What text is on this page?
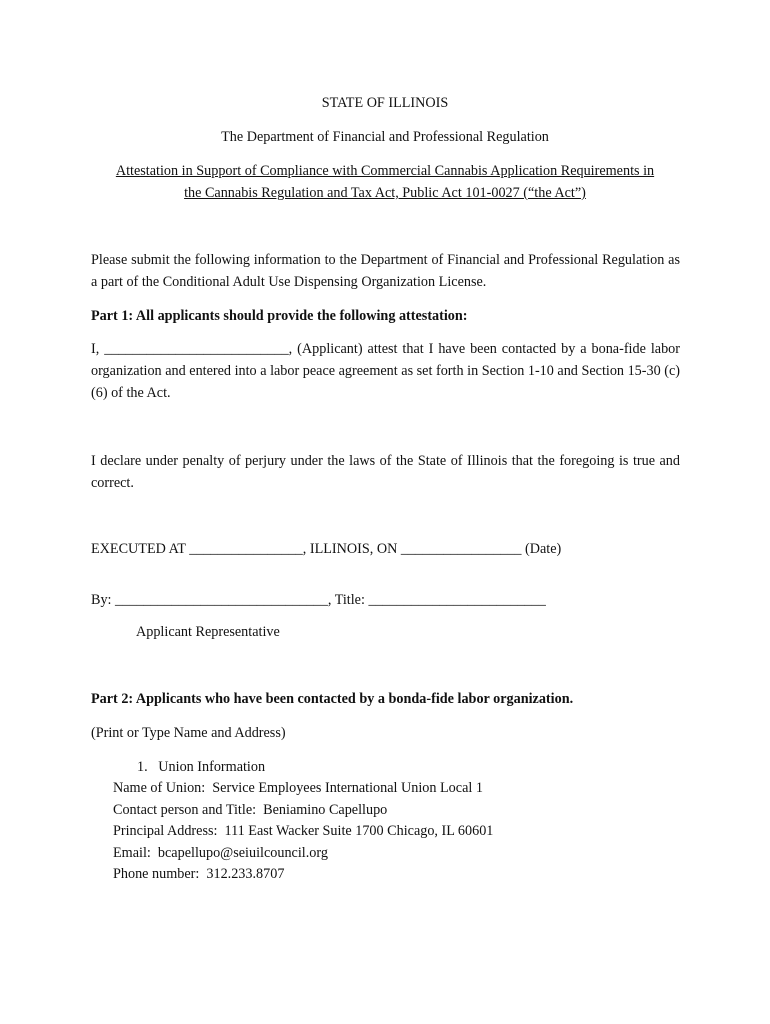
STATE OF ILLINOIS
The Department of Financial and Professional Regulation
Attestation in Support of Compliance with Commercial Cannabis Application Requirements in
the Cannabis Regulation and Tax Act, Public Act 101-0027 (“the Act”)
Please submit the following information to the Department of Financial and Professional Regulation as a part of the Conditional Adult Use Dispensing Organization License.
Part 1: All applicants should provide the following attestation:
I, __________________________, (Applicant) attest that I have been contacted by a bona-fide labor organization and entered into a labor peace agreement as set forth in Section 1-10 and Section 15-30 (c)(6) of the Act.
I declare under penalty of perjury under the laws of the State of Illinois that the foregoing is true and correct.
EXECUTED AT ________________, ILLINOIS, ON _________________ (Date)
By: ______________________________, Title: _________________________
Applicant Representative
Part 2: Applicants who have been contacted by a bonda-fide labor organization.
(Print or Type Name and Address)
1.   Union Information
Name of Union:  Service Employees International Union Local 1
Contact person and Title:  Beniamino Capellupo
Principal Address:  111 East Wacker Suite 1700 Chicago, IL 60601
Email:  bcapellupo@seiuilcouncil.org
Phone number:  312.233.8707
